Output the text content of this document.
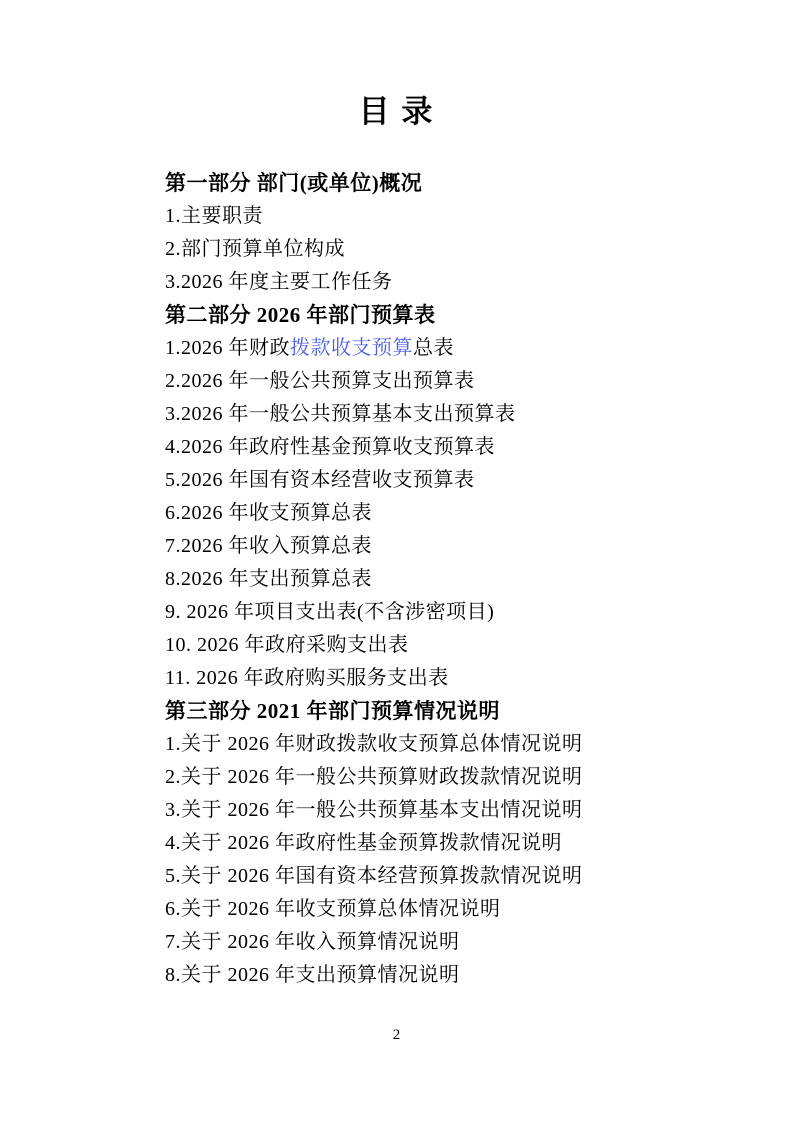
目 录
第一部分 部门(或单位)概况
1.主要职责
2.部门预算单位构成
3.2026 年度主要工作任务
第二部分 2026 年部门预算表
1.2026 年财政拨款收支预算总表
2.2026 年一般公共预算支出预算表
3.2026 年一般公共预算基本支出预算表
4.2026 年政府性基金预算收支预算表
5.2026 年国有资本经营收支预算表
6.2026 年收支预算总表
7.2026 年收入预算总表
8.2026 年支出预算总表
9. 2026 年项目支出表(不含涉密项目)
10. 2026 年政府采购支出表
11. 2026 年政府购买服务支出表
第三部分 2021 年部门预算情况说明
1.关于 2026 年财政拨款收支预算总体情况说明
2.关于 2026 年一般公共预算财政拨款情况说明
3.关于 2026 年一般公共预算基本支出情况说明
4.关于 2026 年政府性基金预算拨款情况说明
5.关于 2026 年国有资本经营预算拨款情况说明
6.关于 2026 年收支预算总体情况说明
7.关于 2026 年收入预算情况说明
8.关于 2026 年支出预算情况说明
2
